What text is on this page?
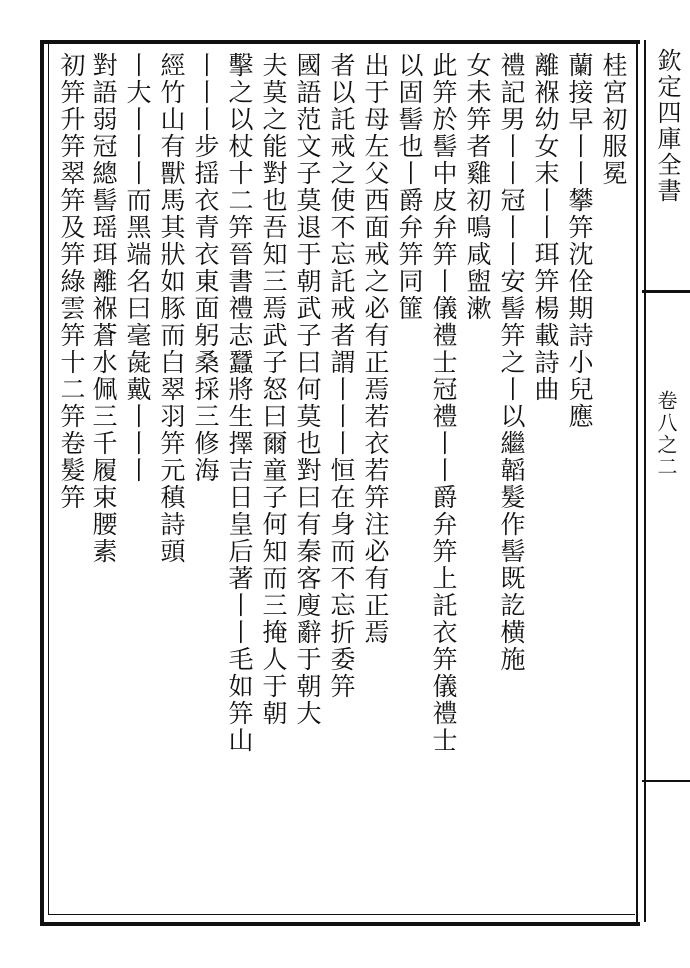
欽定四庫全書
卷八之二
桂宮初服冕
蘭接早丨丨攀笄沈佺期詩小兒應
離褓幼女末丨丨珥笄楊載詩曲
禮記男丨丨冠丨丨安髻笄之丨以繼韜髮作髻既訖横施
女未笄者雞初鳴咸盥漱
此笄於髻中皮弁笄丨儀禮士冠禮丨丨爵弁笄上託衣笄儀禮士
以固髻也丨爵弁笄同篚
出于母左父西面戒之必有正焉若衣若笄注必有正焉
者以託戒之使不忘託戒者謂丨丨丨恒在身而不忘折委笄
國語范文子莫退于朝武子曰何莫也對曰有秦客廋辭于朝大
夫莫之能對也吾知三焉武子怒曰爾童子何知而三掩人于朝
擊之以杖十二笄晉書禮志蠶將生擇吉日皇后著丨丨毛如笄山
丨丨丨步揺衣青衣東面躬桑採三修海
經竹山有獸馬其狀如豚而白翠羽笄元稹詩頭
丨大丨丨丨而黑端名曰毫彘戴丨丨丨
對語弱冠總髻瑶珥離褓蒼水佩三千履束腰素
初笄升笄翠笄及笄綠雲笄十二笄卷髮笄
